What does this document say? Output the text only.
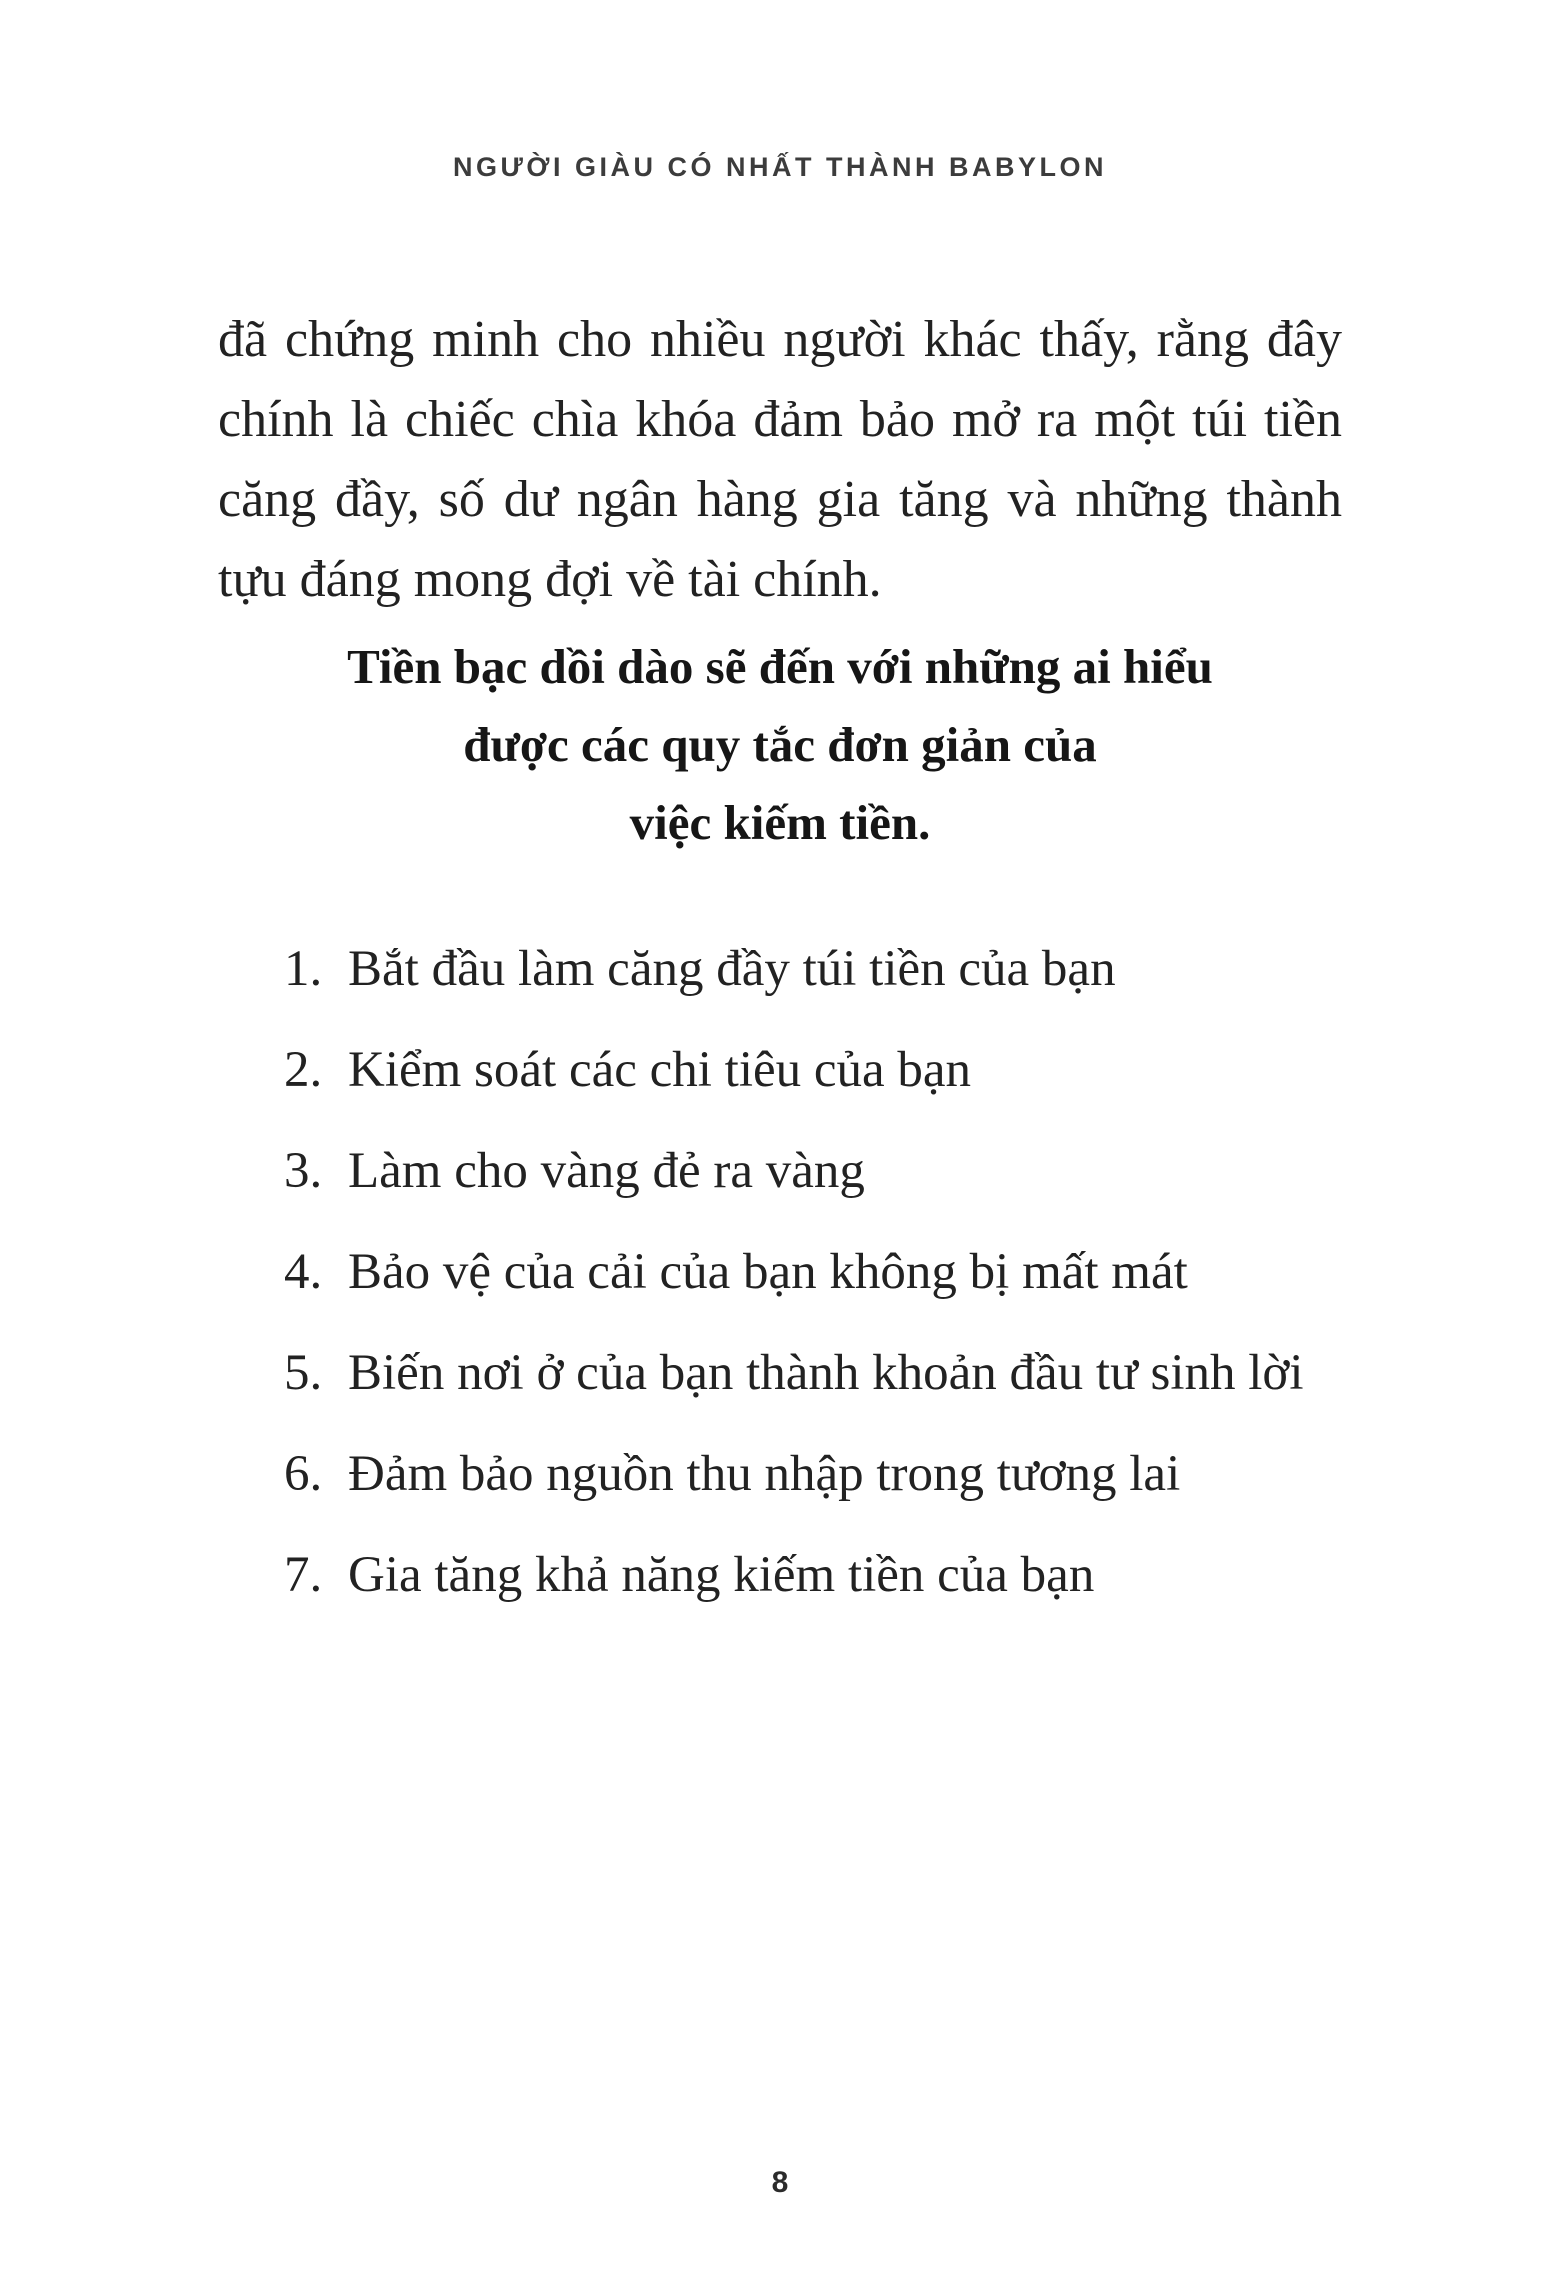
NGƯỜI GIÀU CÓ NHẤT THÀNH BABYLON

đã chứng minh cho nhiều người khác thấy, rằng đây
chính là chiếc chìa khóa đảm bảo mở ra một túi tiền
căng đầy, số dư ngân hàng gia tăng và những thành
tựu đáng mong đợi về tài chính.

Tiền bạc dồi dào sẽ đến với những ai hiểu
được các quy tắc đơn giản của
việc kiếm tiền.
1. Bắt đầu làm căng đầy túi tiền của bạn
2. Kiểm soát các chi tiêu của bạn
3. Làm cho vàng đẻ ra vàng
4. Bảo vệ của cải của bạn không bị mất mát
5. Biến nơi ở của bạn thành khoản đầu tư sinh lời
6. Đảm bảo nguồn thu nhập trong tương lai
7. Gia tăng khả năng kiếm tiền của bạn
8
